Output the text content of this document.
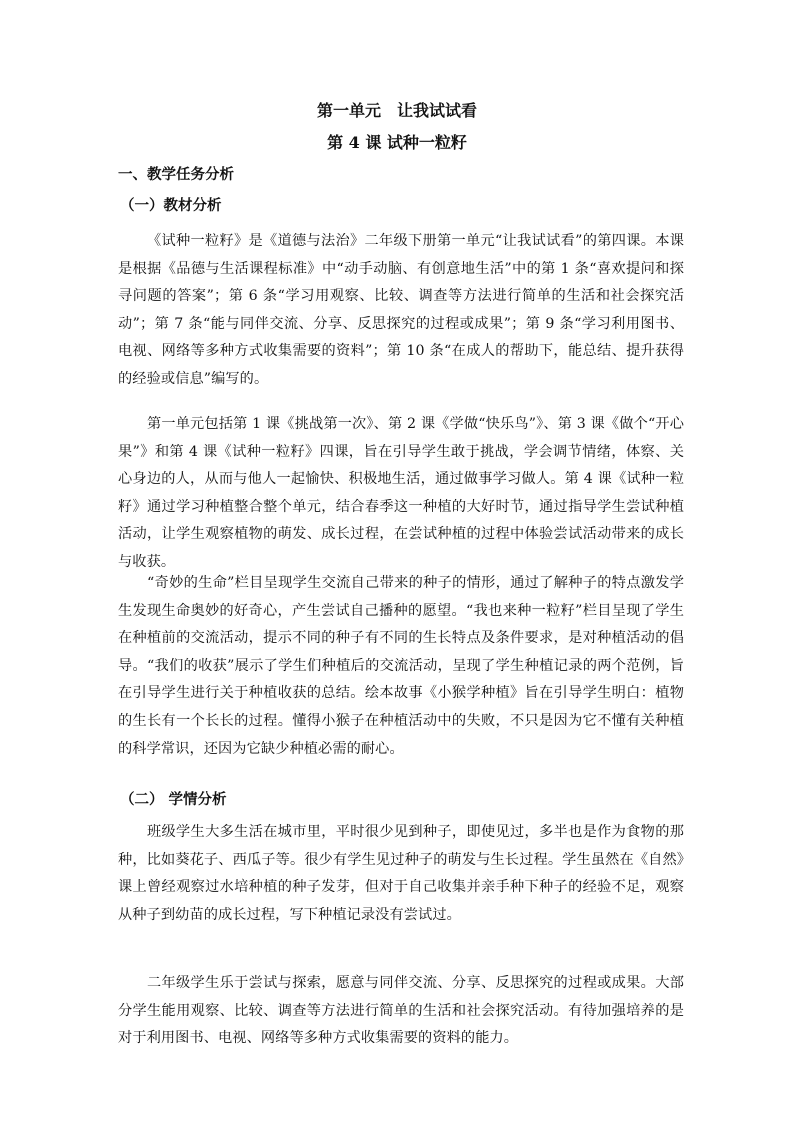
第一单元　让我试试看
第 4 课 试种一粒籽
一、教学任务分析
（一）教材分析

《试种一粒籽》是《道德与法治》二年级下册第一单元“让我试试看”的第四课。本课是根据《品德与生活课程标准》中“动手动脑、有创意地生活”中的第 1 条“喜欢提问和探寻问题的答案”；第 6 条“学习用观察、比较、调查等方法进行简单的生活和社会探究活动”；第 7 条“能与同伴交流、分享、反思探究的过程或成果”；第 9 条“学习利用图书、电视、网络等多种方式收集需要的资料”；第 10 条“在成人的帮助下，能总结、提升获得的经验或信息”编写的。

第一单元包括第 1 课《挑战第一次》、第 2 课《学做“快乐鸟”》、第 3 课《做个“开心果”》和第 4 课《试种一粒籽》四课，旨在引导学生敢于挑战，学会调节情绪，体察、关心身边的人，从而与他人一起愉快、积极地生活，通过做事学习做人。第 4 课《试种一粒籽》通过学习种植整合整个单元，结合春季这一种植的大好时节，通过指导学生尝试种植活动，让学生观察植物的萌发、成长过程，在尝试种植的过程中体验尝试活动带来的成长与收获。

“奇妙的生命”栏目呈现学生交流自己带来的种子的情形，通过了解种子的特点激发学生发现生命奥妙的好奇心，产生尝试自己播种的愿望。“我也来种一粒籽”栏目呈现了学生在种植前的交流活动，提示不同的种子有不同的生长特点及条件要求，是对种植活动的倡导。“我们的收获”展示了学生们种植后的交流活动，呈现了学生种植记录的两个范例，旨在引导学生进行关于种植收获的总结。绘本故事《小猴学种植》旨在引导学生明白：植物的生长有一个长长的过程。懂得小猴子在种植活动中的失败，不只是因为它不懂有关种植的科学常识，还因为它缺少种植必需的耐心。

（二） 学情分析

班级学生大多生活在城市里，平时很少见到种子，即使见过，多半也是作为食物的那种，比如葵花子、西瓜子等。很少有学生见过种子的萌发与生长过程。学生虽然在《自然》课上曾经观察过水培种植的种子发芽，但对于自己收集并亲手种下种子的经验不足，观察从种子到幼苗的成长过程，写下种植记录没有尝试过。

二年级学生乐于尝试与探索，愿意与同伴交流、分享、反思探究的过程或成果。大部分学生能用观察、比较、调查等方法进行简单的生活和社会探究活动。有待加强培养的是对于利用图书、电视、网络等多种方式收集需要的资料的能力。
